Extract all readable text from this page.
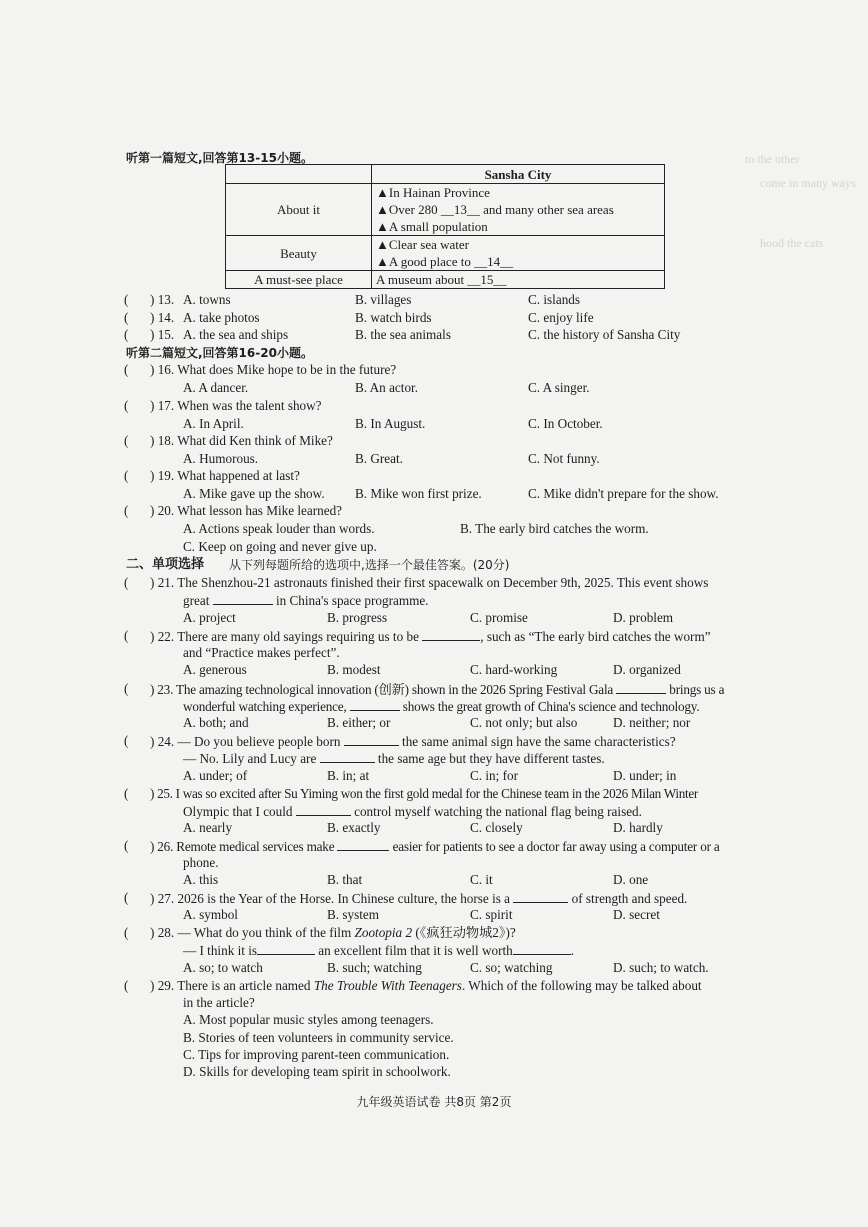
to the other
come in many ways
hood the cats
听第一篇短文,回答第13-15小题。
	Sansha City
About it	▲In Hainan Province
▲Over 280 __13__ and many other sea areas
▲A small population

Beauty	▲Clear sea water
▲A good place to __14__

A must-see place	A museum about __15__
( ) 13. A. towns	B. villages	C. islands
( ) 14. A. take photos	B. watch birds	C. enjoy life
( ) 15. A. the sea and ships	B. the sea animals	C. the history of Sansha City
听第二篇短文,回答第16-20小题。
( ) 16. What does Mike hope to be in the future?
A. A dancer.	B. An actor.	C. A singer.
( ) 17. When was the talent show?
A. In April.	B. In August.	C. In October.
( ) 18. What did Ken think of Mike?
A. Humorous.	B. Great.	C. Not funny.
( ) 19. What happened at last?
A. Mike gave up the show. B. Mike won first prize.	C. Mike didn't prepare for the show.
( ) 20. What lesson has Mike learned?
A. Actions speak louder than words.	B. The early bird catches the worm.
C. Keep on going and never give up.
二、单项选择 从下列每题所给的选项中,选择一个最佳答案。(20分)
( ) 21. The Shenzhou-21 astronauts finished their first spacewalk on December 9th, 2025. This event shows
great	in China's space programme.
A. project	B. progress	C. promise	D. problem
( ) 22. There are many old sayings requiring us to be	, such as “The early bird catches the worm”
and “Practice makes perfect”.
A. generous	B. modest	C. hard-working	D. organized
( ) 23. The amazing technological innovation (创新) shown in the 2026 Spring Festival Gala	brings us a
wonderful watching experience,	shows the great growth of China's science and technology.
A. both; and	B. either; or	C. not only; but also	D. neither; nor
( ) 24. — Do you believe people born	the same animal sign have the same characteristics?
— No. Lily and Lucy are	the same age but they have different tastes.
A. under; of	B. in; at	C. in; for	D. under; in
( ) 25. I was so excited after Su Yiming won the first gold medal for the Chinese team in the 2026 Milan Winter
Olympic that I could	control myself watching the national flag being raised.
A. nearly	B. exactly	C. closely	D. hardly
( ) 26. Remote medical services make	easier for patients to see a doctor far away using a computer or a
phone.
A. this	B. that	C. it	D. one
( ) 27. 2026 is the Year of the Horse. In Chinese culture, the horse is a	of strength and speed.
A. symbol	B. system	C. spirit	D. secret
( ) 28. — What do you think of the film Zootopia 2 (《疯狂动物城2》)?
— I think it is	an excellent film that it is well worth	.
A. so; to watch	B. such; watching	C. so; watching	D. such; to watch.
( ) 29. There is an article named The Trouble With Teenagers. Which of the following may be talked about
in the article?
A. Most popular music styles among teenagers.
B. Stories of teen volunteers in community service.
C. Tips for improving parent-teen communication.
D. Skills for developing team spirit in schoolwork.
九年级英语试卷 共8页 第2页
